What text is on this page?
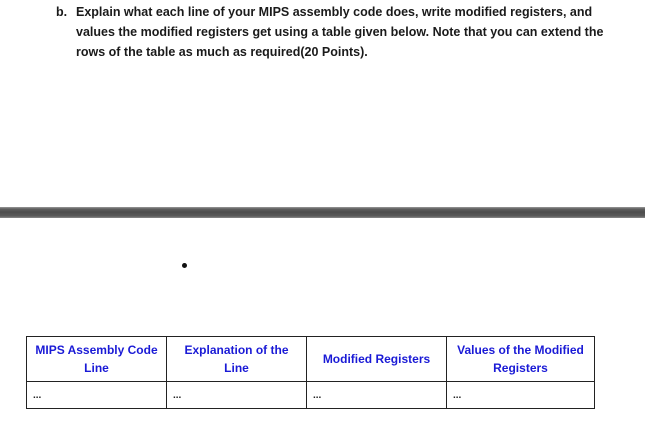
b. Explain what each line of your MIPS assembly code does, write modified registers, and values the modified registers get using a table given below. Note that you can extend the rows of the table as much as required(20 Points).
MIPS Assembly Code Line	Explanation of the Line	Modified Registers	Values of the Modified Registers
...	...	...	...
